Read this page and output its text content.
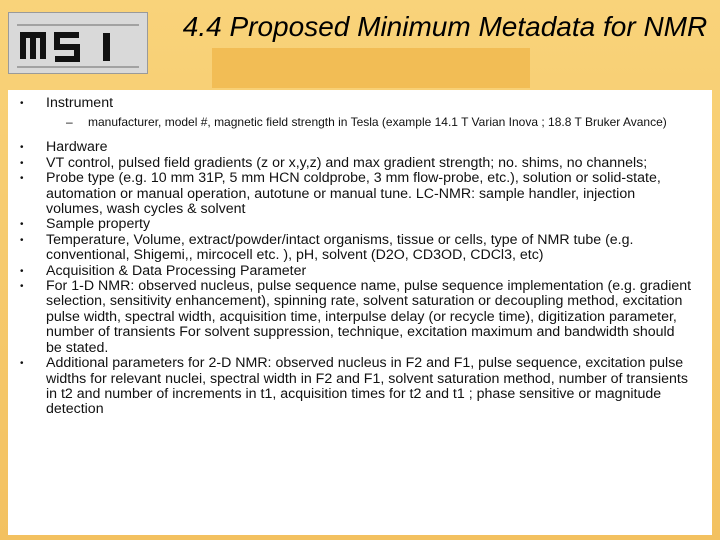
4.4 Proposed Minimum Metadata for NMR
• Instrument
– manufacturer, model #, magnetic field strength in Tesla (example 14.1 T Varian Inova ; 18.8 T Bruker Avance)
• Hardware
• VT control, pulsed field gradients (z or x,y,z) and max gradient strength; no. shims, no channels;
• Probe type (e.g. 10 mm 31P, 5 mm HCN coldprobe, 3 mm flow-probe, etc.), solution or solid-state, automation or manual operation, autotune or manual tune. LC-NMR: sample handler, injection volumes, wash cycles & solvent
• Sample property
• Temperature, Volume, extract/powder/intact organisms, tissue or cells, type of NMR tube (e.g. conventional, Shigemi,, mircocell etc. ), pH, solvent (D2O, CD3OD, CDCl3, etc)
• Acquisition & Data Processing Parameter
• For 1-D NMR: observed nucleus, pulse sequence name, pulse sequence implementation (e.g. gradient selection, sensitivity enhancement), spinning rate, solvent saturation or decoupling method, excitation pulse width, spectral width, acquisition time, interpulse delay (or recycle time), digitization parameter, number of transients For solvent suppression, technique, excitation maximum and bandwidth should be stated.
• Additional parameters for 2-D NMR: observed nucleus in F2 and F1, pulse sequence, excitation pulse widths for relevant nuclei, spectral width in F2 and F1, solvent saturation method, number of transients in t2 and number of increments in t1, acquisition times for t2 and t1 ; phase sensitive or magnitude detection
